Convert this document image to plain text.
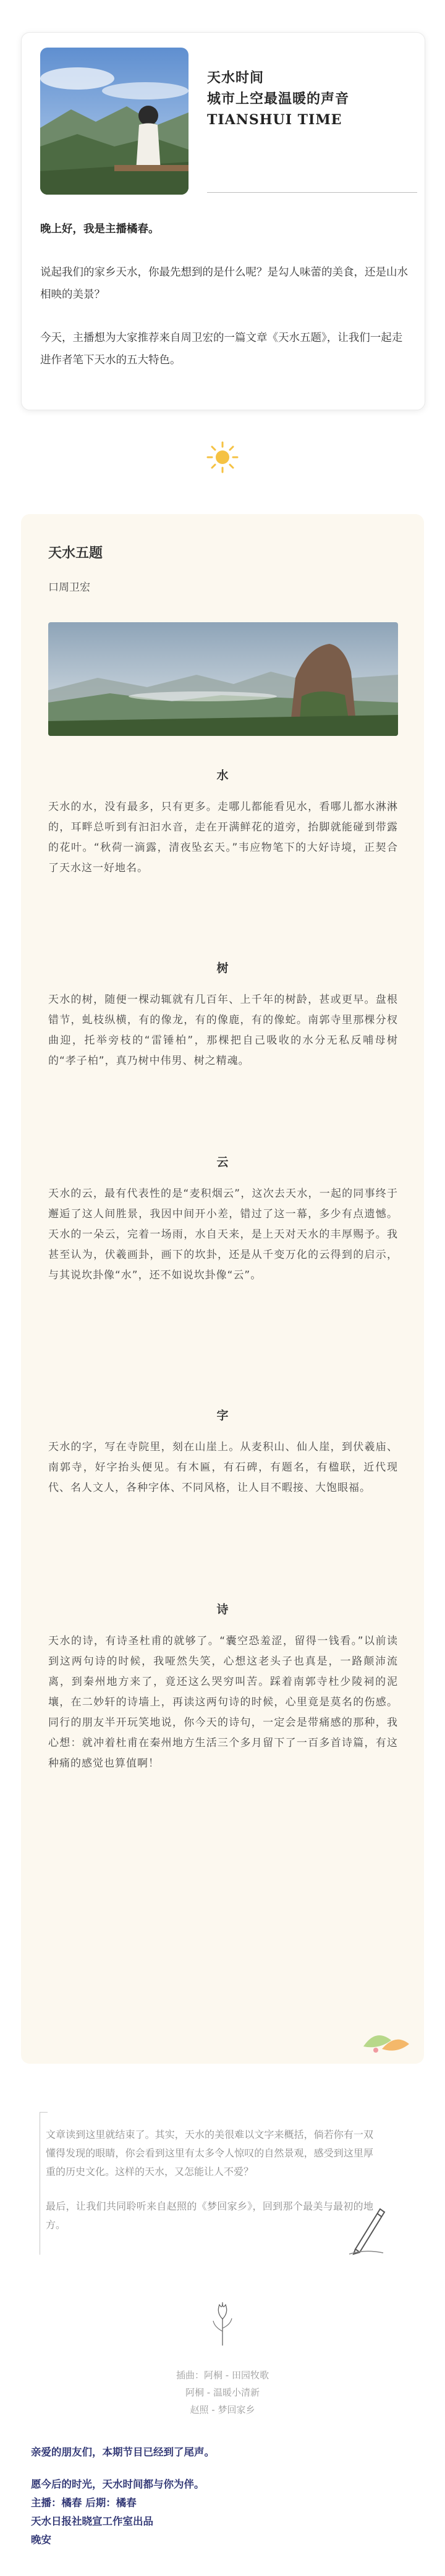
天水时间
城市上空最温暖的声音
TIANSHUI TIME

晚上好，我是主播橘春。

说起我们的家乡天水，你最先想到的是什么呢？是勾人味蕾的美食，还是山水相映的美景？

今天，主播想为大家推荐来自周卫宏的一篇文章《天水五题》，让我们一起走进作者笔下天水的五大特色。

天水五题
口周卫宏
水
天水的水，没有最多，只有更多。走哪儿都能看见水，看哪儿都水淋淋的，耳畔总听到有汩汩水音，走在开满鲜花的道旁，抬脚就能碰到带露的花叶。“秋荷一滴露，清夜坠玄天。”韦应物笔下的大好诗境，正契合了天水这一好地名。
树
天水的树，随便一棵动辄就有几百年、上千年的树龄，甚或更早。盘根错节，虬枝纵横，有的像龙，有的像鹿，有的像蛇。南郭寺里那棵分杈曲迎，托举旁枝的“雷锤柏”，那棵把自己吸收的水分无私反哺母树的“孝子柏”，真乃树中伟男、树之精魂。
云
天水的云，最有代表性的是“麦积烟云”，这次去天水，一起的同事终于邂逅了这人间胜景，我因中间开小差，错过了这一幕，多少有点遗憾。天水的一朵云，完着一场雨，水自天来，是上天对天水的丰厚赐予。我甚至认为，伏羲画卦，画下的坎卦，还是从千变万化的云得到的启示，与其说坎卦像“水”，还不如说坎卦像“云”。
字
天水的字，写在寺院里，刻在山崖上。从麦积山、仙人崖，到伏羲庙、南郭寺，好字抬头便见。有木匾，有石碑，有题名，有楹联，近代现代、名人文人，各种字体、不同风格，让人目不暇接、大饱眼福。
诗
天水的诗，有诗圣杜甫的就够了。“囊空恐羞涩，留得一钱看。”以前读到这两句诗的时候，我哑然失笑，心想这老头子也真是，一路颠沛流离，到秦州地方来了，竟还这么哭穷叫苦。踩着南郭寺杜少陵祠的泥壤，在二妙轩的诗墙上，再读这两句诗的时候，心里竟是莫名的伤感。同行的朋友半开玩笑地说，你今天的诗句，一定会是带痛感的那种，我心想：就冲着杜甫在秦州地方生活三个多月留下了一百多首诗篇，有这种痛的感觉也算值啊！

文章读到这里就结束了。其实，天水的美很难以文字来概括，倘若你有一双懂得发现的眼睛，你会看到这里有太多令人惊叹的自然景观，感受到这里厚重的历史文化。这样的天水，又怎能让人不爱？

最后，让我们共同聆听来自赵照的《梦回家乡》，回到那个最美与最初的地方。

插曲：阿桐 - 田园牧歌
阿桐 - 温暖小清新
赵照 - 梦回家乡

亲爱的朋友们，本期节目已经到了尾声。

愿今后的时光，天水时间都与你为伴。

主播：橘春 后期：橘春

天水日报社晓宣工作室出品

晚安
